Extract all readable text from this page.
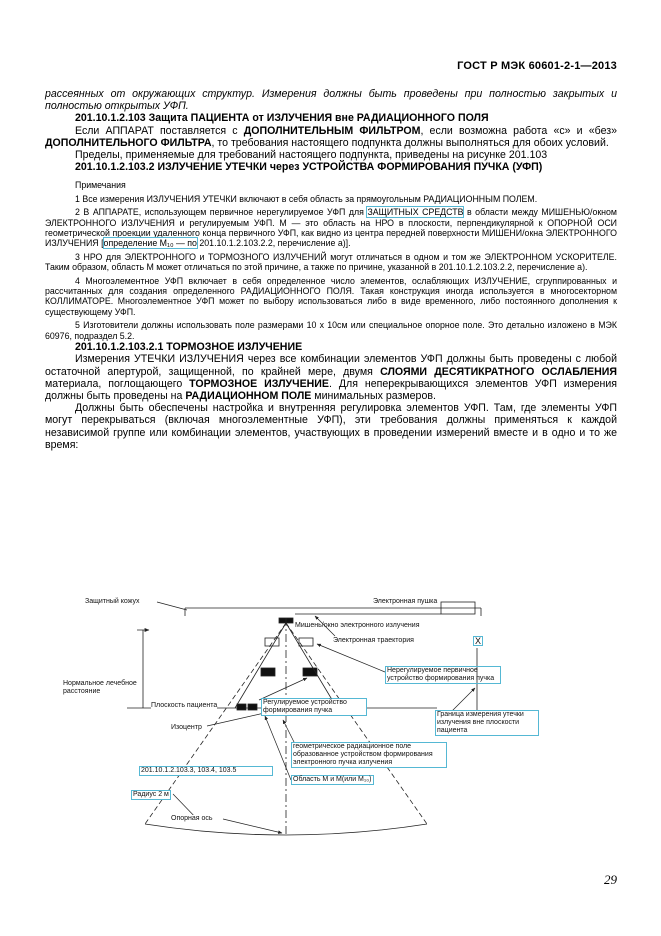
ГОСТ Р МЭК 60601-2-1—2013

рассеянных от окружающих структур. Измерения должны быть проведены при полностью закрытых и полностью открытых УФП.

201.10.1.2.103 Защита ПАЦИЕНТА от ИЗЛУЧЕНИЯ вне РАДИАЦИОННОГО ПОЛЯ

Если АППАРАТ поставляется с ДОПОЛНИТЕЛЬНЫМ ФИЛЬТРОМ, если возможна работа «с» и «без» ДОПОЛНИТЕЛЬНОГО ФИЛЬТРА, то требования настоящего подпункта должны выполняться для обоих условий.

Пределы, применяемые для требований настоящего подпункта, приведены на рисунке 201.103

201.10.1.2.103.2 ИЗЛУЧЕНИЕ УТЕЧКИ через УСТРОЙСТВА ФОРМИРОВАНИЯ ПУЧКА (УФП)

Примечания

1 Все измерения ИЗЛУЧЕНИЯ УТЕЧКИ включают в себя область за прямоугольным РАДИАЦИОННЫМ ПОЛЕМ.

2 В АППАРАТЕ, использующем первичное нерегулируемое УФП для ЗАЩИТНЫХ СРЕДСТВ в области между МИШЕНЬЮ/окном ЭЛЕКТРОННОГО ИЗЛУЧЕНИЯ и регулируемым УФП. М — это область на НРО в плоскости, перпендикулярной к ОПОРНОЙ ОСИ геометрической проекции удаленного конца первичного УФП, как видно из центра передней поверхности МИШЕНИ/окна ЭЛЕКТРОННОГО ИЗЛУЧЕНИЯ [определение М₁₀ — по 201.10.1.2.103.2.2, перечисление а)].

3 НРО для ЭЛЕКТРОННОГО и ТОРМОЗНОГО ИЗЛУЧЕНИЙ могут отличаться в одном и том же ЭЛЕКТРОННОМ УСКОРИТЕЛЕ. Таким образом, область М может отличаться по этой причине, а также по причине, указанной в 201.10.1.2.103.2.2, перечисление а).

4 Многоэлементное УФП включает в себя определенное число элементов, ослабляющих ИЗЛУЧЕНИЕ, сгруппированных и рассчитанных для создания определенного РАДИАЦИОННОГО ПОЛЯ. Такая конструкция иногда используется в многосекторном КОЛЛИМАТОРЕ. Многоэлементное УФП может по выбору использоваться либо в виде временного, либо постоянного дополнения к существующему УФП.

5 Изготовители должны использовать поле размерами 10 х 10см или специальное опорное поле. Это детально изложено в МЭК 60976, подраздел 5.2.

201.10.1.2.103.2.1 ТОРМОЗНОЕ ИЗЛУЧЕНИЕ

Измерения УТЕЧКИ ИЗЛУЧЕНИЯ через все комбинации элементов УФП должны быть проведены с любой остаточной апертурой, защищенной, по крайней мере, двумя СЛОЯМИ ДЕСЯТИКРАТНОГО ОСЛАБЛЕНИЯ материала, поглощающего ТОРМОЗНОЕ ИЗЛУЧЕНИЕ. Для неперекрывающихся элементов УФП измерения должны быть проведены на РАДИАЦИОННОМ ПОЛЕ минимальных размеров.

Должны быть обеспечены настройка и внутренняя регулировка элементов УФП. Там, где элементы УФП могут перекрываться (включая многоэлементные УФП), эти требования должны применяться к каждой независимой группе или комбинации элементов, участвующих в проведении измерений вместе и в одно и то же время:

Защитный кожух	Электронная пушка
Мишень/окно электронного излучения
Электронная траектория	X
Нерегулируемое первичное устройство формирования пучка
Нормальное лечебное расстояние
Плоскость пациента	Регулируемое устройство формирования пучка
Граница измерения утечки излучения вне плоскости пациента
Изоцентр
геометрическое радиационное поле образованное устройством формирования электронного пучка излучения
201.10.1.2.103.3, 103.4, 103.5
Область М и М(или М₁₀)
Радиус 2 м
Опорная ось
29
